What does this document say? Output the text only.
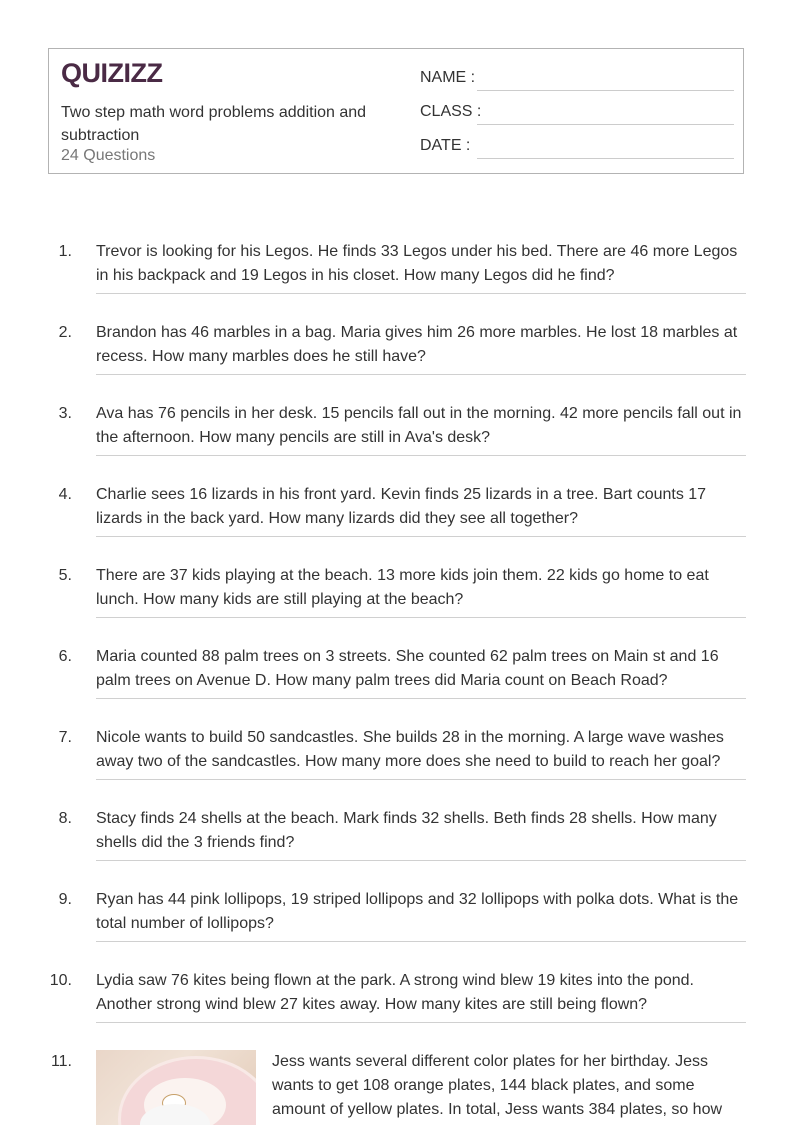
QUIZIZZ
Two step math word problems addition and subtraction
24 Questions
NAME :
CLASS :
DATE :
1. Trevor is looking for his Legos. He finds 33 Legos under his bed. There are 46 more Legos in his backpack and 19 Legos in his closet. How many Legos did he find?
2. Brandon has 46 marbles in a bag. Maria gives him 26 more marbles. He lost 18 marbles at recess. How many marbles does he still have?
3. Ava has 76 pencils in her desk. 15 pencils fall out in the morning. 42 more pencils fall out in the afternoon. How many pencils are still in Ava's desk?
4. Charlie sees 16 lizards in his front yard. Kevin finds 25 lizards in a tree. Bart counts 17 lizards in the back yard. How many lizards did they see all together?
5. There are 37 kids playing at the beach. 13 more kids join them. 22 kids go home to eat lunch. How many kids are still playing at the beach?
6. Maria counted 88 palm trees on 3 streets. She counted 62 palm trees on Main st and 16 palm trees on Avenue D. How many palm trees did Maria count on Beach Road?
7. Nicole wants to build 50 sandcastles. She builds 28 in the morning. A large wave washes away two of the sandcastles. How many more does she need to build to reach her goal?
8. Stacy finds 24 shells at the beach. Mark finds 32 shells. Beth finds 28 shells. How many shells did the 3 friends find?
9. Ryan has 44 pink lollipops, 19 striped lollipops and 32 lollipops with polka dots. What is the total number of lollipops?
10. Lydia saw 76 kites being flown at the park. A strong wind blew 19 kites into the pond. Another strong wind blew 27 kites away. How many kites are still being flown?
11.	Jess wants several different color plates for her birthday. Jess wants to get 108 orange plates, 144 black plates, and some amount of yellow plates. In total, Jess wants 384 plates, so how
